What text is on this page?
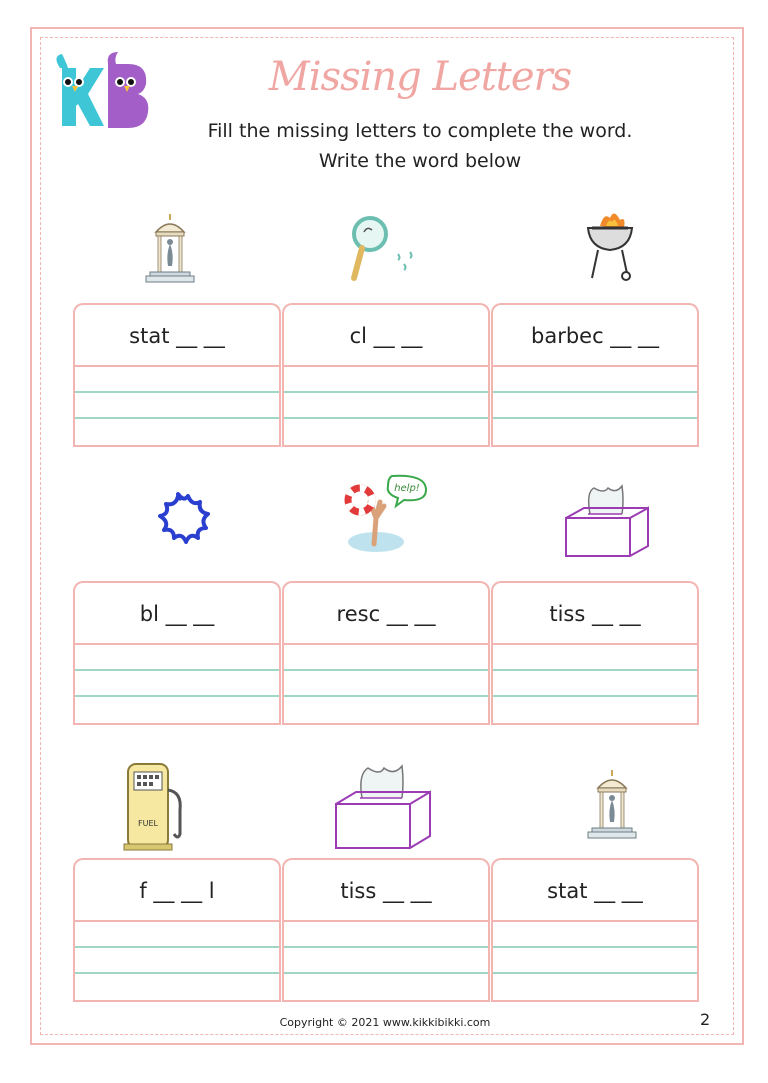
Missing Letters
Fill the missing letters to complete the word.
Write the word below
help!
FUEL
stat __ __	cl __ __	barbec __ __
bl __ __	resc __ __	tiss __ __
f __ __ l	tiss __ __	stat __ __
Copyright © 2021 www.kikkibikki.com	2
